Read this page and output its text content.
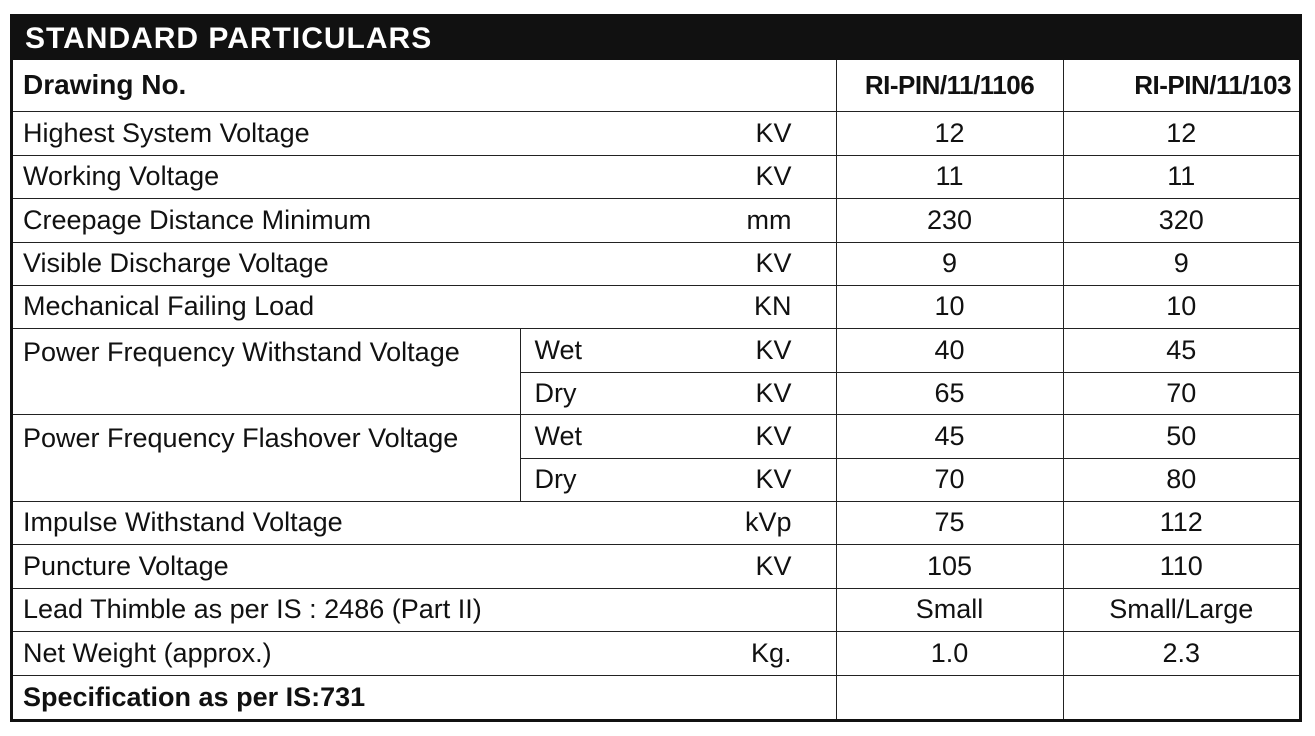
STANDARD PARTICULARS
Drawing No.			RI-PIN/11/1106	RI-PIN/11/103
Highest System Voltage		KV	12	12
Working Voltage		KV	11	11
Creepage Distance Minimum		mm	230	320
Visible Discharge Voltage		KV	9	9
Mechanical Failing Load		KN	10	10
Power Frequency Withstand Voltage	Wet	KV	40	45
	Dry	KV	65	70
Power Frequency Flashover Voltage	Wet	KV	45	50
	Dry	KV	70	80
Impulse Withstand Voltage		kVp	75	112
Puncture Voltage		KV	105	110
Lead Thimble as per IS : 2486 (Part II)			Small	Small/Large
Net Weight (approx.)		Kg.	1.0	2.3
Specification as per IS:731				
